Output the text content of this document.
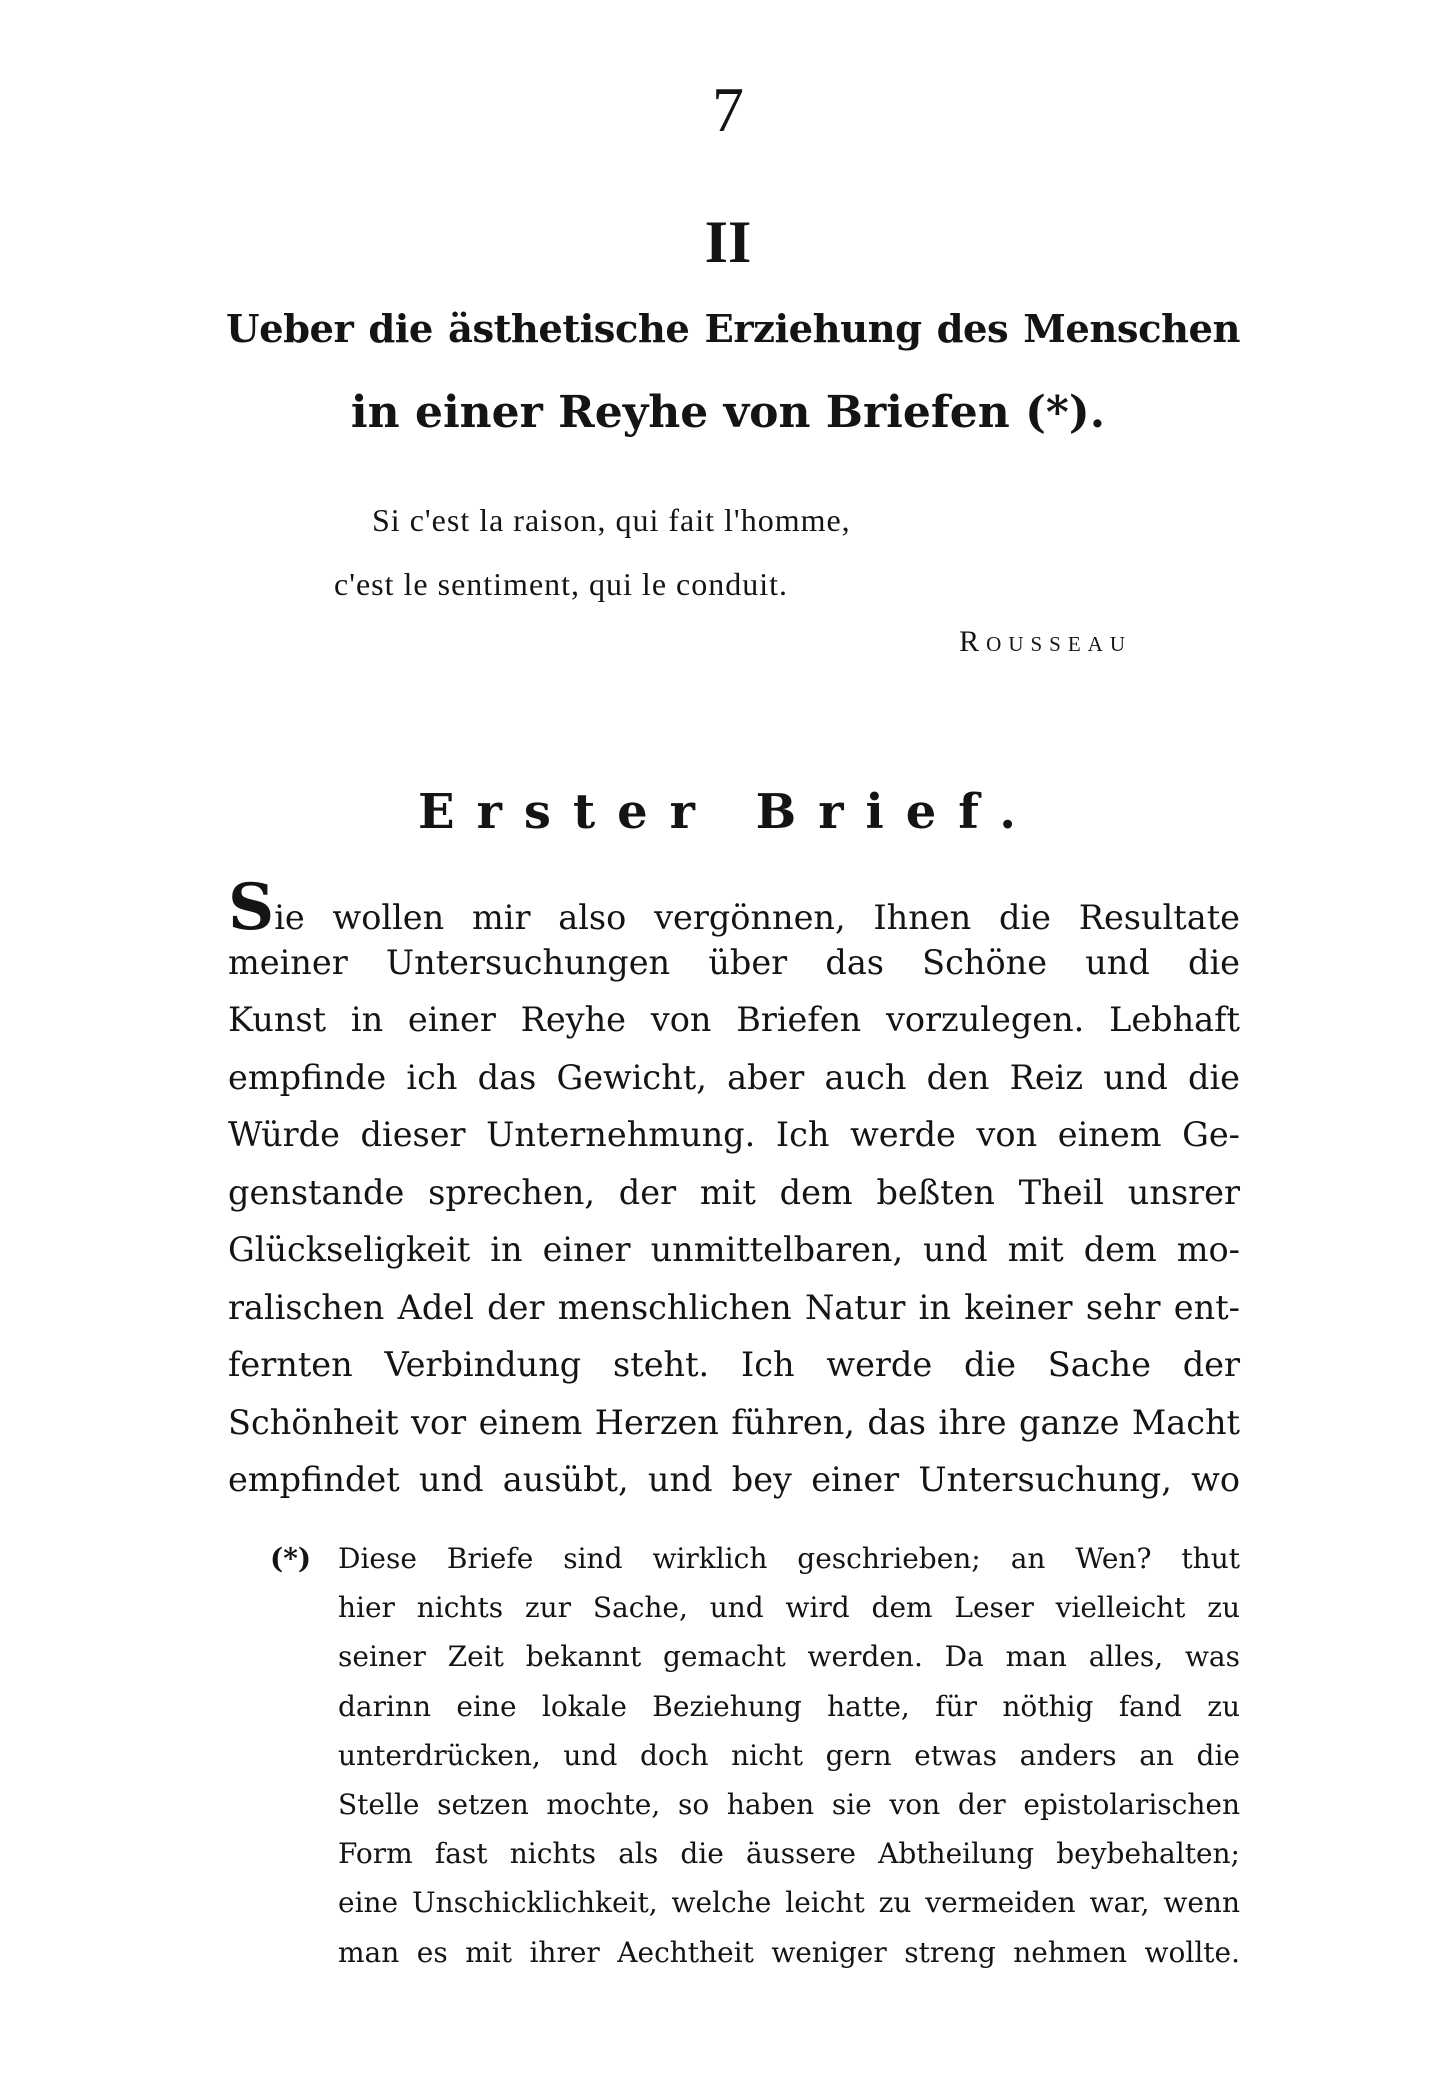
7
II
Ueber die ästhetische Erziehung des Menschen
in einer Reyhe von Briefen (*).
Si c'est la raison, qui fait l'homme,
c'est le sentiment, qui le conduit.
Rousseau
Erster Brief.
Sie wollen mir also vergönnen, Ihnen die Resultate
meiner Untersuchungen über das Schöne und die
Kunst in einer Reyhe von Briefen vorzulegen. Lebhaft
empfinde ich das Gewicht, aber auch den Reiz und die
Würde dieser Unternehmung. Ich werde von einem Ge-
genstande sprechen, der mit dem beßten Theil unsrer
Glückseligkeit in einer unmittelbaren, und mit dem mo-
ralischen Adel der menschlichen Natur in keiner sehr ent-
fernten Verbindung steht. Ich werde die Sache der
Schönheit vor einem Herzen führen, das ihre ganze Macht
empfindet und ausübt, und bey einer Untersuchung, wo
(*) Diese Briefe sind wirklich geschrieben; an Wen? thut
hier nichts zur Sache, und wird dem Leser vielleicht zu
seiner Zeit bekannt gemacht werden. Da man alles, was
darinn eine lokale Beziehung hatte, für nöthig fand zu
unterdrücken, und doch nicht gern etwas anders an die
Stelle setzen mochte, so haben sie von der epistolarischen
Form fast nichts als die äussere Abtheilung beybehalten;
eine Unschicklichkeit, welche leicht zu vermeiden war, wenn
man es mit ihrer Aechtheit weniger streng nehmen wollte.
